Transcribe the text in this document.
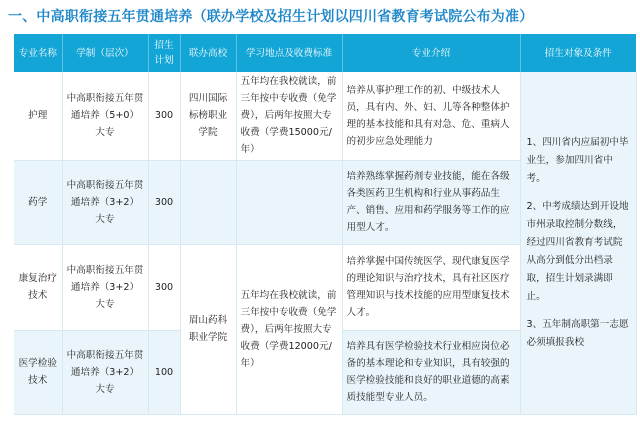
一、中高职衔接五年贯通培养（联办学校及招生计划以四川省教育考试院公布为准）
专业名称	学制（层次）	招生计划	联办高校	学习地点及收费标准	专业介绍	招生对象及条件
护理	中高职衔接五年贯通培养（5+0）大专	300	四川国际标榜职业学院	五年均在我校就读，前三年按中专收费（免学费），后两年按照大专收费（学费15000元/年）	培养从事护理工作的初、中级技术人员，具有内、外、妇、儿等各种整体护理的基本技能和具有对急、危、重病人的初步应急处理能力	1、四川省内应届初中毕业生，参加四川省中考。

2、中考成绩达到开设地市州录取控制分数线，经过四川省教育考试院从高分到低分出档录取，招生计划录满即止。

3、五年制高职第一志愿必须填报我校

药学	中高职衔接五年贯通培养（3+2）大专	300			培养熟练掌握药剂专业技能，能在各级各类医药卫生机构和行业从事药品生产、销售、应用和药学服务等工作的应用型人才。	
康复治疗技术	中高职衔接五年贯通培养（3+2）大专	300	眉山药科职业学院	五年均在我校就读，前三年按中专收费（免学费），后两年按照大专收费（学费12000元/年）	培养掌握中国传统医学、现代康复医学的理论知识与治疗技术，具有社区医疗管理知识与技术技能的应用型康复技术人才。	
医学检验技术	中高职衔接五年贯通培养（3+2）大专	100			培养具有医学检验技术行业相应岗位必备的基本理论和专业知识，具有较强的医学检验技能和良好的职业道德的高素质技能型专业人员。	
